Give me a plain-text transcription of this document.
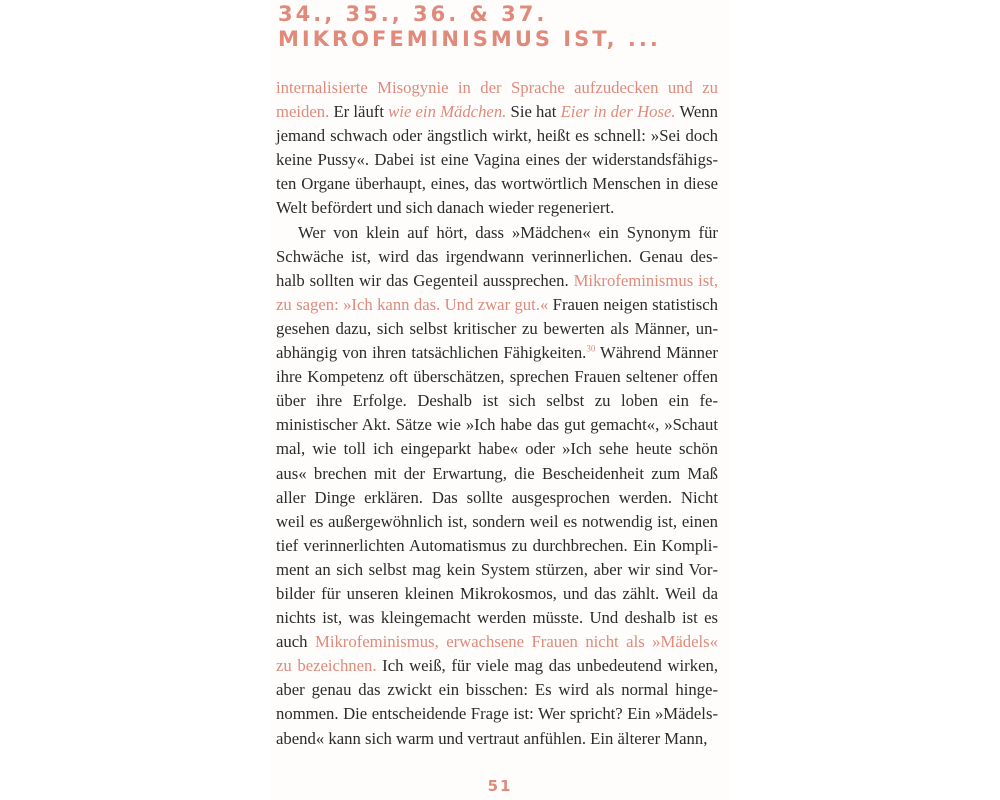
34., 35., 36. & 37. MIKROFEMINISMUS IST, ...

internalisierte Misogynie in der Sprache aufzudecken und zu meiden. Er läuft wie ein Mädchen. Sie hat Eier in der Hose. Wenn jemand schwach oder ängstlich wirkt, heißt es schnell: »Sei doch keine Pussy«. Dabei ist eine Vagina eines der widerstandsfähigsten Organe überhaupt, eines, das wortwörtlich Menschen in diese Welt befördert und sich danach wieder regeneriert.

Wer von klein auf hört, dass »Mädchen« ein Synonym für Schwäche ist, wird das irgendwann verinnerlichen. Genau deshalb sollten wir das Gegenteil aussprechen. Mikrofeminismus ist, zu sagen: »Ich kann das. Und zwar gut.« Frauen neigen statistisch gesehen dazu, sich selbst kritischer zu bewerten als Männer, unabhängig von ihren tatsächlichen Fähigkeiten.$^{30}$ Während Männer ihre Kompetenz oft überschätzen, sprechen Frauen seltener offen über ihre Erfolge. Deshalb ist sich selbst zu loben ein feministischer Akt. Sätze wie »Ich habe das gut gemacht«, »Schaut mal, wie toll ich eingeparkt habe« oder »Ich sehe heute schön aus« brechen mit der Erwartung, die Bescheidenheit zum Maß aller Dinge erklären. Das sollte ausgesprochen werden. Nicht weil es außergewöhnlich ist, sondern weil es notwendig ist, einen tief verinnerlichten Automatismus zu durchbrechen. Ein Kompliment an sich selbst mag kein System stürzen, aber wir sind Vorbilder für unseren kleinen Mikrokosmos, und das zählt. Weil da nichts ist, was kleingemacht werden müsste. Und deshalb ist es auch Mikrofeminismus, erwachsene Frauen nicht als »Mädels« zu bezeichnen. Ich weiß, für viele mag das unbedeutend wirken, aber genau das zwickt ein bisschen: Es wird als normal hingenommen. Die entscheidende Frage ist: Wer spricht? Ein »Mädelsabend« kann sich warm und vertraut anfühlen. Ein älterer Mann,

51
